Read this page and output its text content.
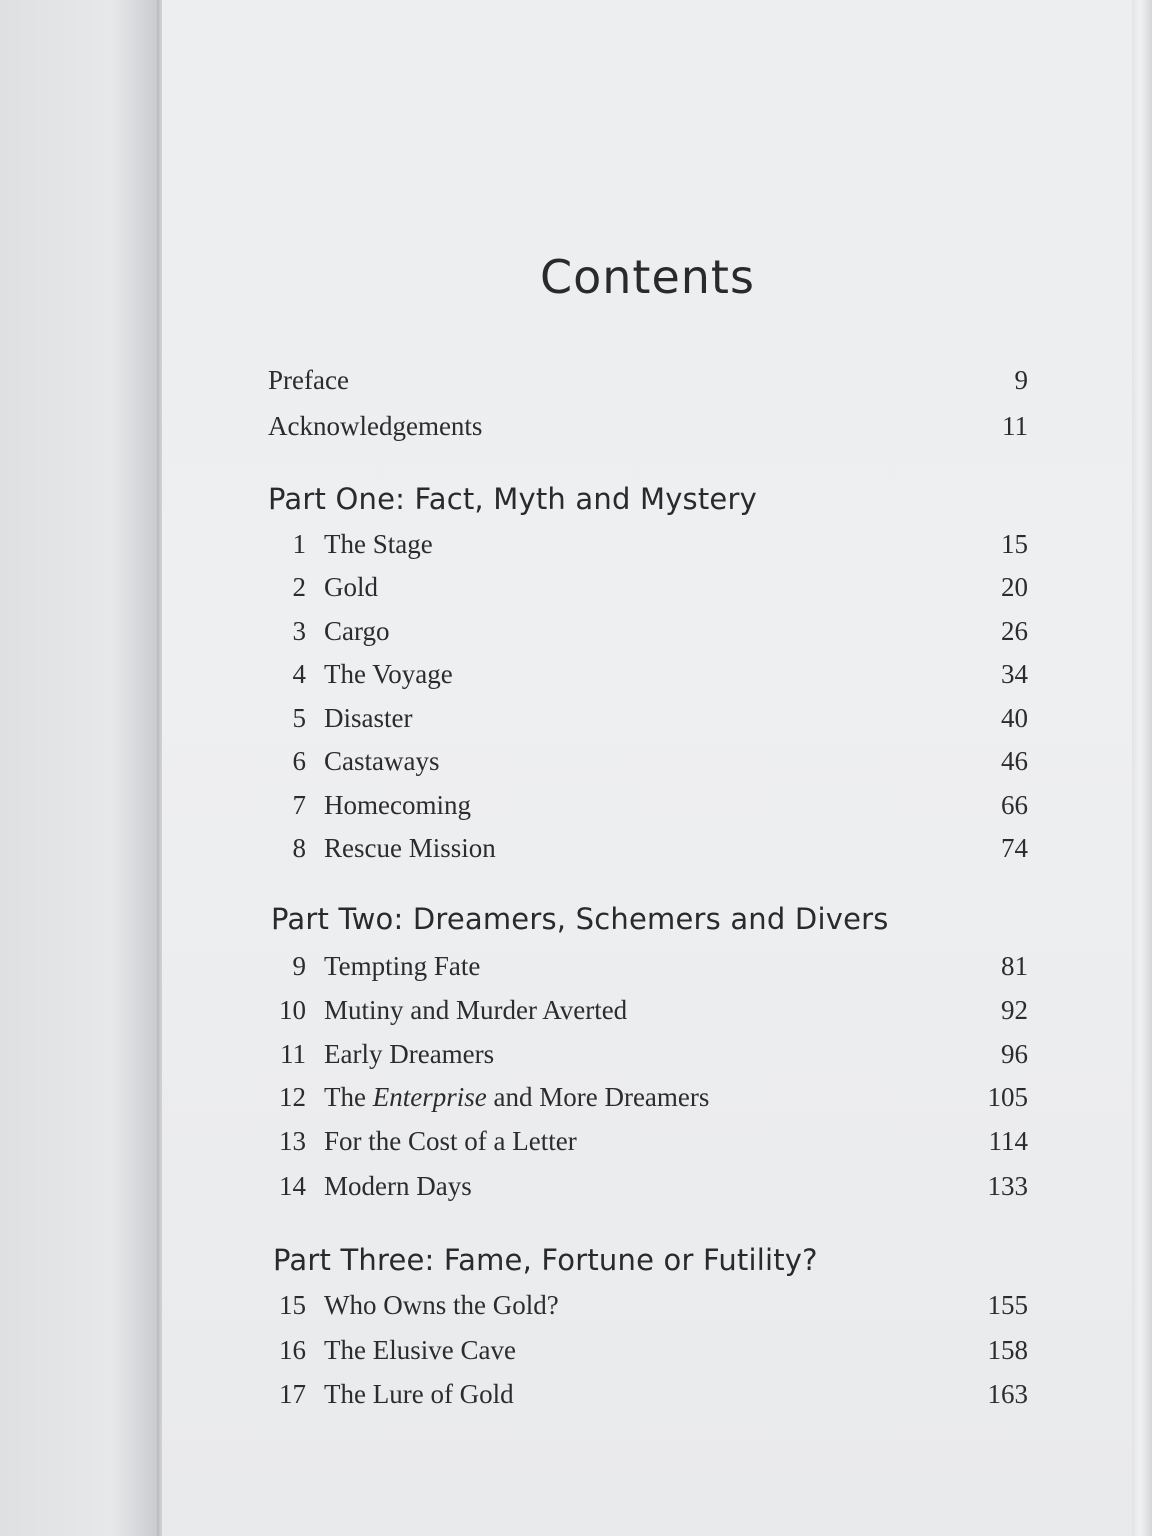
Contents
Preface	9
Acknowledgements	11
Part One: Fact, Myth and Mystery
1 The Stage	15
2 Gold	20
3 Cargo	26
4 The Voyage	34
5 Disaster	40
6 Castaways	46
7 Homecoming	66
8 Rescue Mission	74
Part Two: Dreamers, Schemers and Divers
9 Tempting Fate	81
10 Mutiny and Murder Averted	92
11 Early Dreamers	96
12 The Enterprise and More Dreamers	105
13 For the Cost of a Letter	114
14 Modern Days	133
Part Three: Fame, Fortune or Futility?
15 Who Owns the Gold?	155
16 The Elusive Cave	158
17 The Lure of Gold	163
